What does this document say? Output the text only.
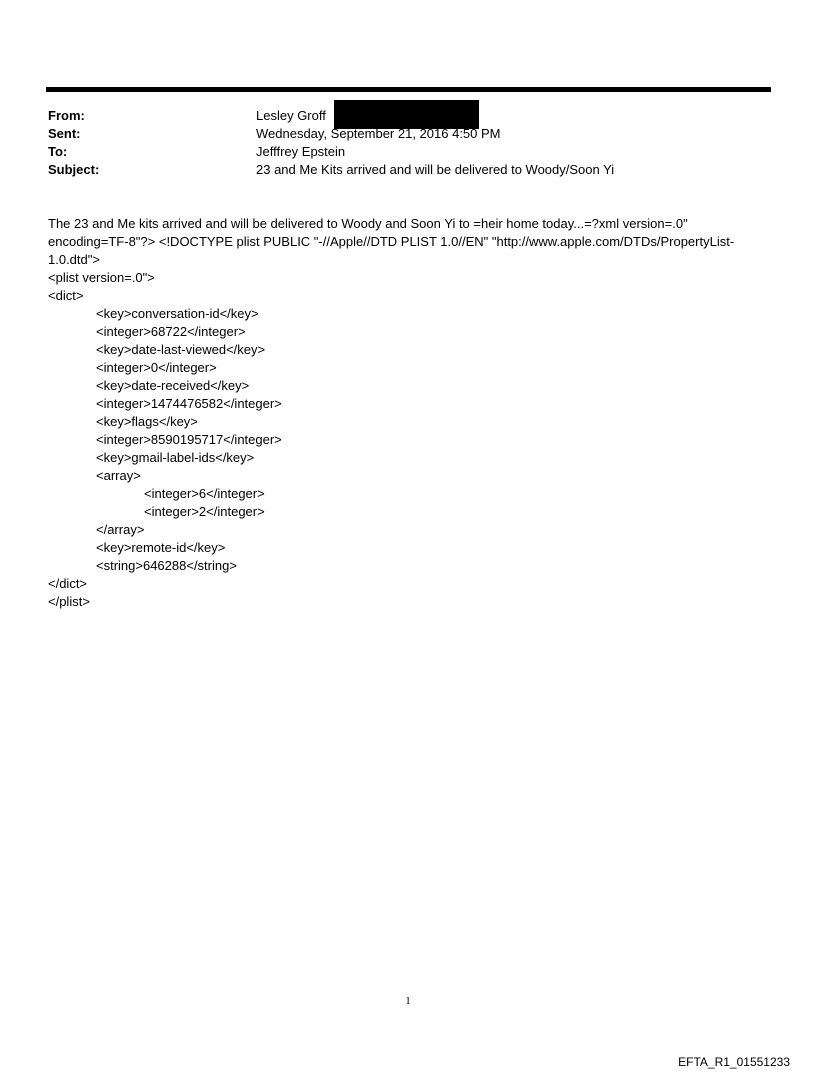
From:	Lesley Groff
Sent:	Wednesday, September 21, 2016 4:50 PM
To:	Jefffrey Epstein
Subject:	23 and Me Kits arrived and will be delivered to Woody/Soon Yi
The 23 and Me kits arrived and will be delivered to Woody and Soon Yi to =heir home today...=?xml version=.0" encoding=TF-8"?> <!DOCTYPE plist PUBLIC "-//Apple//DTD PLIST 1.0//EN" "http://www.apple.com/DTDs/PropertyList-1.0.dtd">
<plist version=.0">
<dict>
<key>conversation-id</key>
<integer>68722</integer>
<key>date-last-viewed</key>
<integer>0</integer>
<key>date-received</key>
<integer>1474476582</integer>
<key>flags</key>
<integer>8590195717</integer>
<key>gmail-label-ids</key>
<array>
<integer>6</integer>
<integer>2</integer>
</array>
<key>remote-id</key>
<string>646288</string>
</dict>
</plist>
1
EFTA_R1_01551233
